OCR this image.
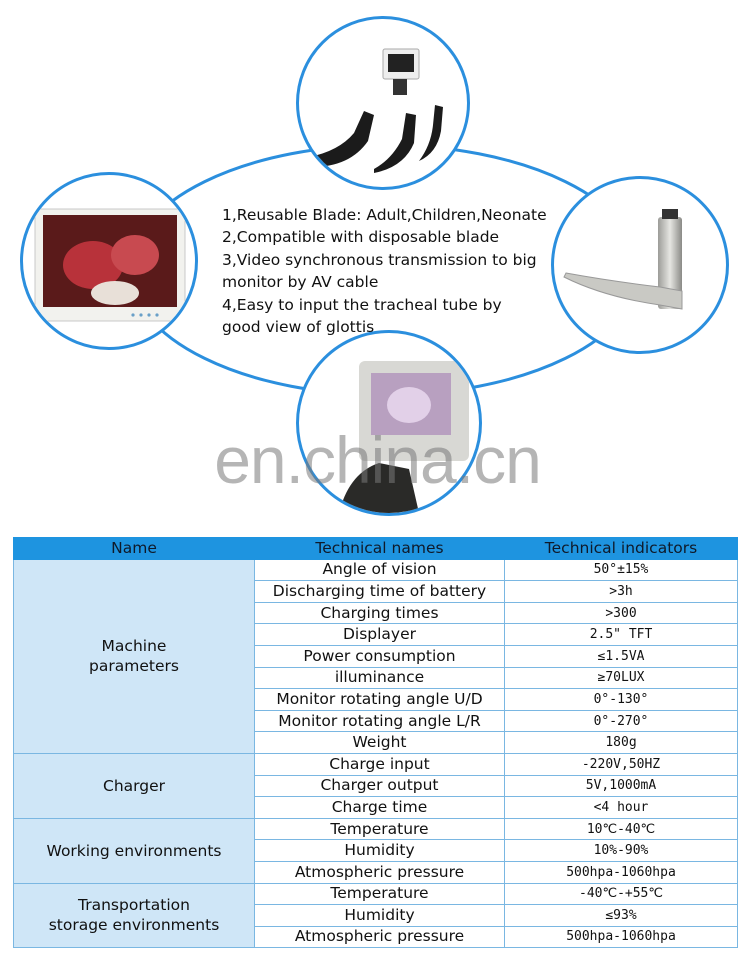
en.china.cn
1,Reusable Blade: Adult,Children,Neonate
2,Compatible with disposable blade
3,Video synchronous transmission to big
monitor by AV cable
4,Easy to input the tracheal tube by
good view of glottis
Name	Technical names	Technical indicators

Machine
parameters	Angle of vision	50°±15%
	Discharging time of battery	>3h
	Charging times	>300
	Displayer	2.5" TFT
	Power consumption	≤1.5VA
	illuminance	≥70LUX
	Monitor rotating angle U/D	0°-130°
	Monitor rotating angle L/R	0°-270°
	Weight	180g

Charger	Charge input	-220V,50HZ
	Charger output	5V,1000mA
	Charge time	<4 hour

Working environments	Temperature	10℃-40℃
	Humidity	10%-90%
	Atmospheric pressure	500hpa-1060hpa

Transportation
storage environments	Temperature	-40℃-+55℃
	Humidity	≤93%
	Atmospheric pressure	500hpa-1060hpa
